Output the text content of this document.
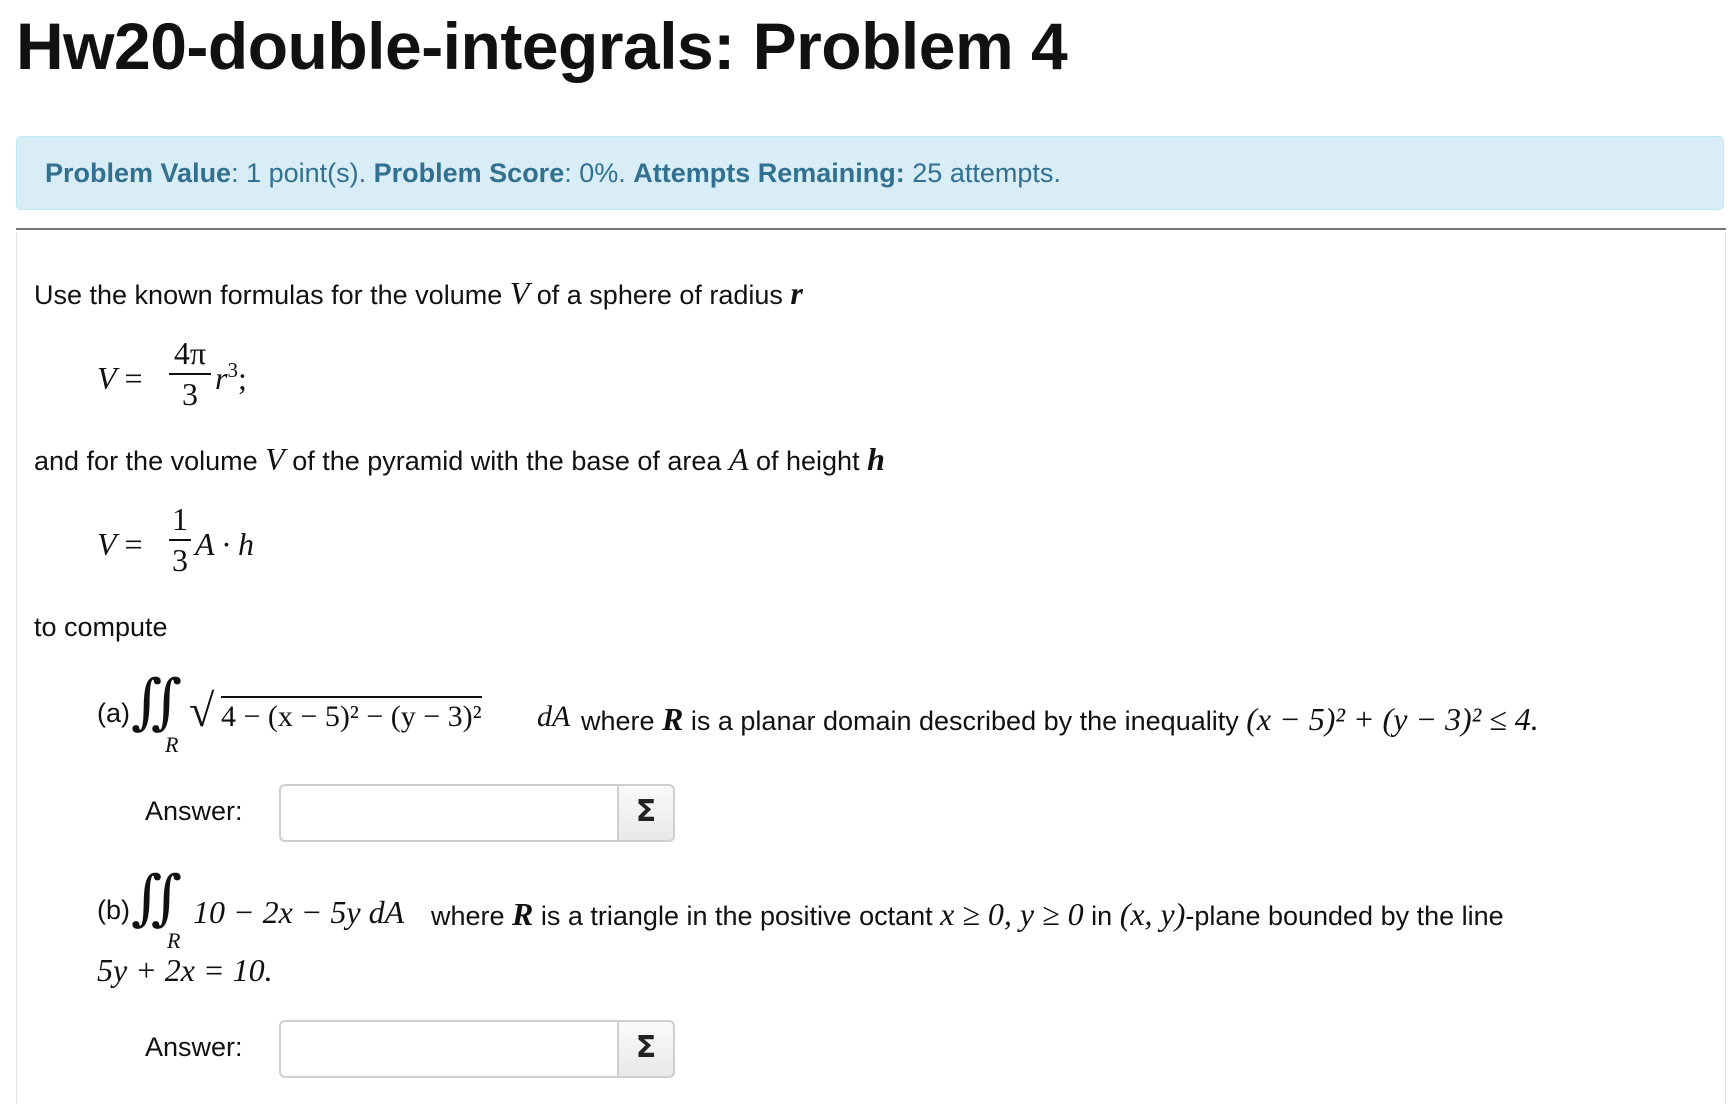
Hw20-double-integrals: Problem 4
Problem Value: 1 point(s). Problem Score: 0%. Attempts Remaining: 25 attempts.
Use the known formulas for the volume V of a sphere of radius r
V =
4π
3 $r^3$;
and for the volume V of the pyramid with the base of area A of height h
V =
1
3 A · h
to compute
(a) ∬
R
√ 4 − (x − 5)² − (y − 3)² dA where R is a planar domain described by the inequality (x − 5)² + (y − 3)² ≤ 4.
Answer:	Σ
(b) ∬
R
10 − 2x − 5y dA where R is a triangle in the positive octant x ≥ 0, y ≥ 0 in (x, y)-plane bounded by the line
5y + 2x = 10.
Answer:	Σ
